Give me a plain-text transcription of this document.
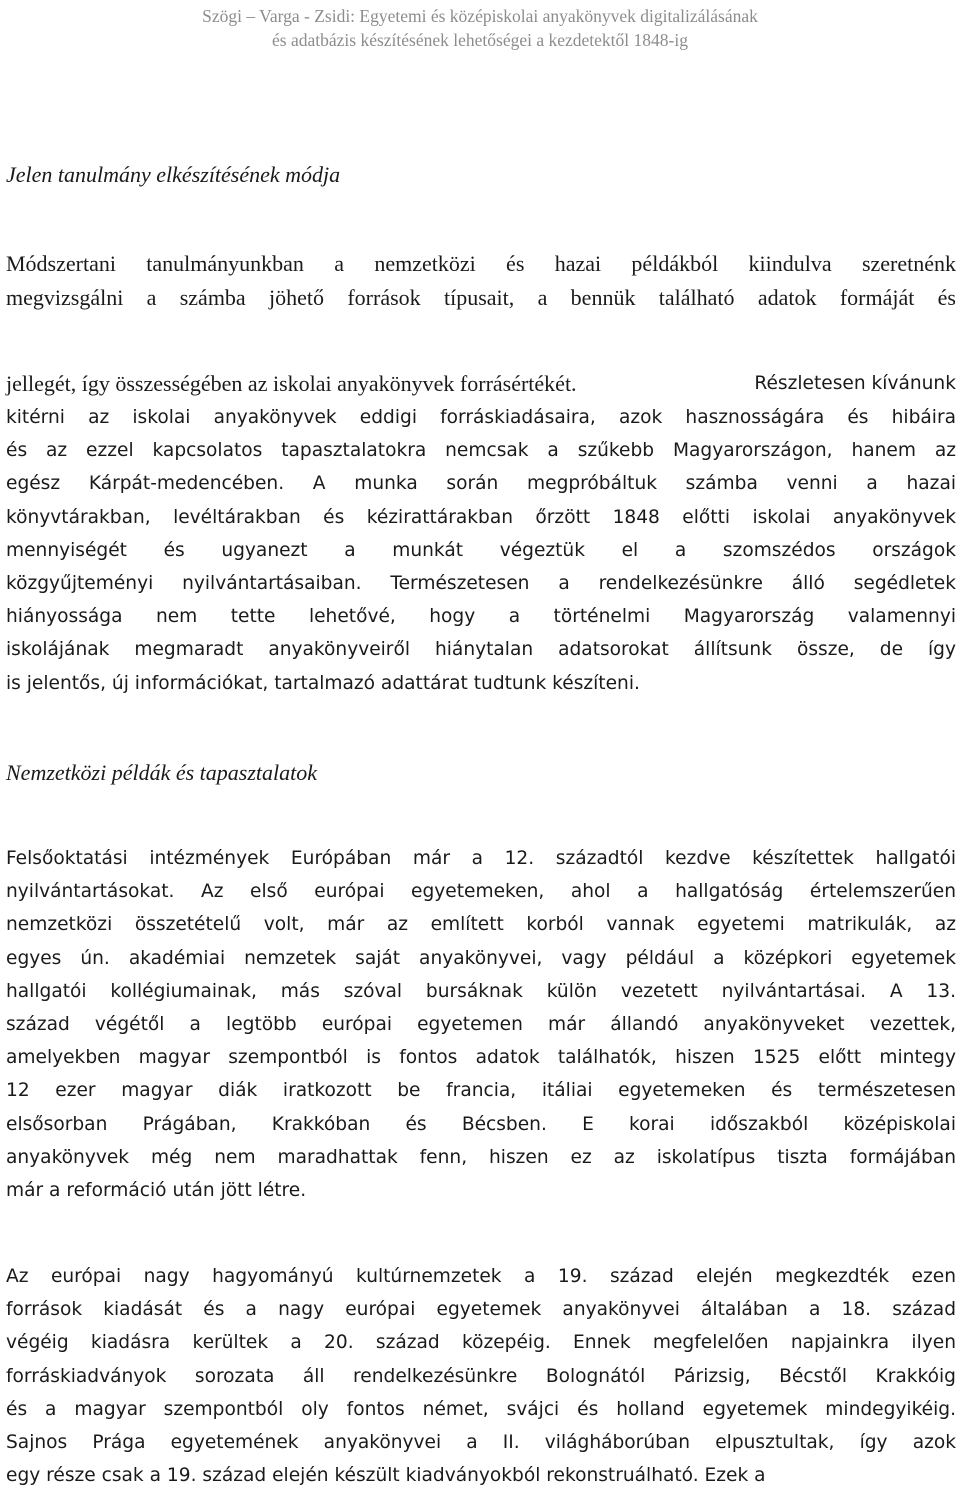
Szögi – Varga - Zsidi: Egyetemi és középiskolai anyakönyvek digitalizálásának
és adatbázis készítésének lehetőségei a kezdetektől 1848-ig
Jelen tanulmány elkészítésének módja

Módszertani tanulmányunkban a nemzetközi és hazai példákból kiindulva szeretnénk
megvizsgálni a számba jöhető források típusait, a bennük található adatok formáját és

jellegét, így összességében az iskolai anyakönyvek forrásértékét.	Részletesen kívánunk

kitérni az iskolai anyakönyvek eddigi forráskiadásaira, azok hasznosságára és hibáira
és az ezzel kapcsolatos tapasztalatokra nemcsak a szűkebb Magyarországon, hanem az
egész Kárpát-medencében. A munka során megpróbáltuk számba venni a hazai
könyvtárakban, levéltárakban és kézirattárakban őrzött 1848 előtti iskolai anyakönyvek
mennyiségét és ugyanezt a munkát végeztük el a szomszédos országok
közgyűjteményi nyilvántartásaiban. Természetesen a rendelkezésünkre álló segédletek
hiányossága nem tette lehetővé, hogy a történelmi Magyarország valamennyi
iskolájának megmaradt anyakönyveiről hiánytalan adatsorokat állítsunk össze, de így
is jelentős, új információkat, tartalmazó adattárat tudtunk készíteni.

Nemzetközi példák és tapasztalatok

Felsőoktatási intézmények Európában már a 12. századtól kezdve készítettek hallgatói
nyilvántartásokat. Az első európai egyetemeken, ahol a hallgatóság értelemszerűen
nemzetközi összetételű volt, már az említett korból vannak egyetemi matrikulák, az
egyes ún. akadémiai nemzetek saját anyakönyvei, vagy például a középkori egyetemek
hallgatói kollégiumainak, más szóval bursáknak külön vezetett nyilvántartásai. A 13.
század végétől a legtöbb európai egyetemen már állandó anyakönyveket vezettek,
amelyekben magyar szempontból is fontos adatok találhatók, hiszen 1525 előtt mintegy
12 ezer magyar diák iratkozott be francia, itáliai egyetemeken és természetesen
elsősorban Prágában, Krakkóban és Bécsben. E korai időszakból középiskolai
anyakönyvek még nem maradhattak fenn, hiszen ez az iskolatípus tiszta formájában
már a reformáció után jött létre.

Az európai nagy hagyományú kultúrnemzetek a 19. század elején megkezdték ezen
források kiadását és a nagy európai egyetemek anyakönyvei általában a 18. század
végéig kiadásra kerültek a 20. század közepéig. Ennek megfelelően napjainkra ilyen
forráskiadványok sorozata áll rendelkezésünkre Bolognától Párizsig, Bécstől Krakkóig
és a magyar szempontból oly fontos német, svájci és holland egyetemek mindegyikéig.
Sajnos Prága egyetemének anyakönyvei a II. világháborúban elpusztultak, így azok
egy része csak a 19. század elején készült kiadványokból rekonstruálható. Ezek a
